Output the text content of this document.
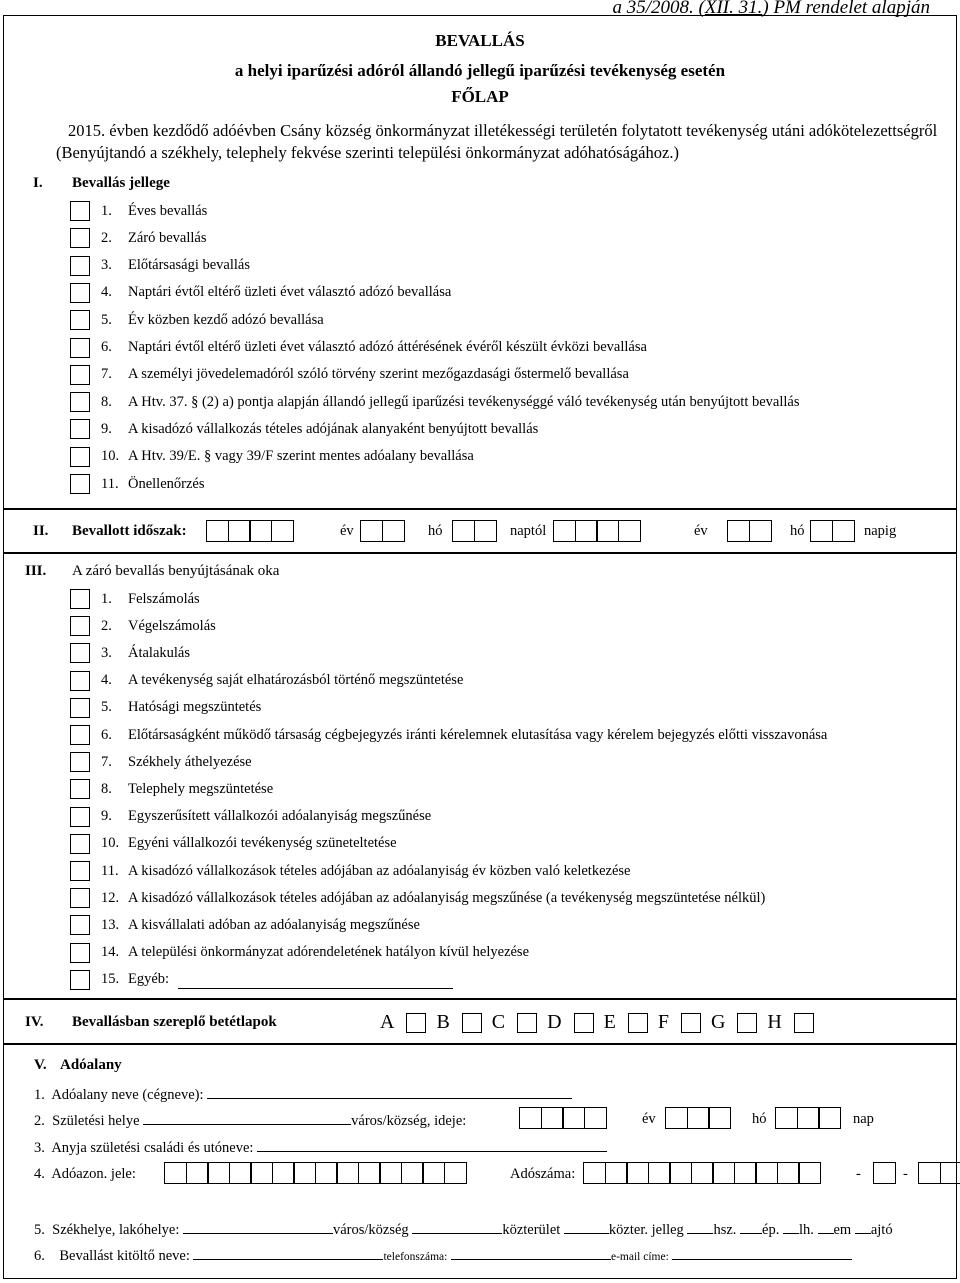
a 35/2008. (XII. 31.) PM rendelet alapján
BEVALLÁS
a helyi iparűzési adóról állandó jellegű iparűzési tevékenység esetén
FŐLAP
2015. évben kezdődő adóévben Csány község önkormányzat illetékességi területén folytatott tevékenység utáni adókötelezettségről (Benyújtandó a székhely, telephely fekvése szerinti települési önkormányzat adóhatóságához.)
I. Bevallás jellege
1.	Éves bevallás
2.	Záró bevallás
3.	Előtársasági bevallás
4.	Naptári évtől eltérő üzleti évet választó adózó bevallása
5.	Év közben kezdő adózó bevallása
6.	Naptári évtől eltérő üzleti évet választó adózó áttérésének évéről készült évközi bevallása
7.	A személyi jövedelemadóról szóló törvény szerint mezőgazdasági őstermelő bevallása
8.	A Htv. 37. § (2) a) pontja alapján állandó jellegű iparűzési tevékenységgé váló tevékenység után benyújtott bevallás
9.	A kisadózó vállalkozás tételes adójának alanyaként benyújtott bevallás
10. A Htv. 39/E. § vagy 39/F szerint mentes adóalany bevallása
11. Önellenőrzés
II. Bevallott időszak:	év	hó	naptól	év	hó	napig
III. A záró bevallás benyújtásának oka
1.	Felszámolás
2.	Végelszámolás
3.	Átalakulás
4.	A tevékenység saját elhatározásból történő megszüntetése
5.	Hatósági megszüntetés
6.	Előtársaságként működő társaság cégbejegyzés iránti kérelemnek elutasítása vagy kérelem bejegyzés előtti visszavonása
7.	Székhely áthelyezése
8.	Telephely megszüntetése
9.	Egyszerűsített vállalkozói adóalanyiság megszűnése
10. Egyéni vállalkozói tevékenység szüneteltetése
11. A kisadózó vállalkozások tételes adójában az adóalanyiság év közben való keletkezése
12. A kisadózó vállalkozások tételes adójában az adóalanyiság megszűnése (a tevékenység megszüntetése nélkül)
13. A kisvállalati adóban az adóalanyiság megszűnése
14. A települési önkormányzat adórendeletének hatályon kívül helyezése
15. Egyéb:
IV. Bevallásban szereplő betétlapok	A B C D E F G H
V. Adóalany
1. Adóalany neve (cégneve):
2. Születési helye	város/község, ideje:	év	hó	nap
3. Anyja születési családi és utóneve:
4. Adóazon. jele:	Adószáma:	-	-
5. Székhelye, lakóhelye:	város/község	közterület	közter. jelleg hsz. ép. lh. em ajtó
6. Bevallást kitöltő neve:	telefonszáma:	e-mail címe:
